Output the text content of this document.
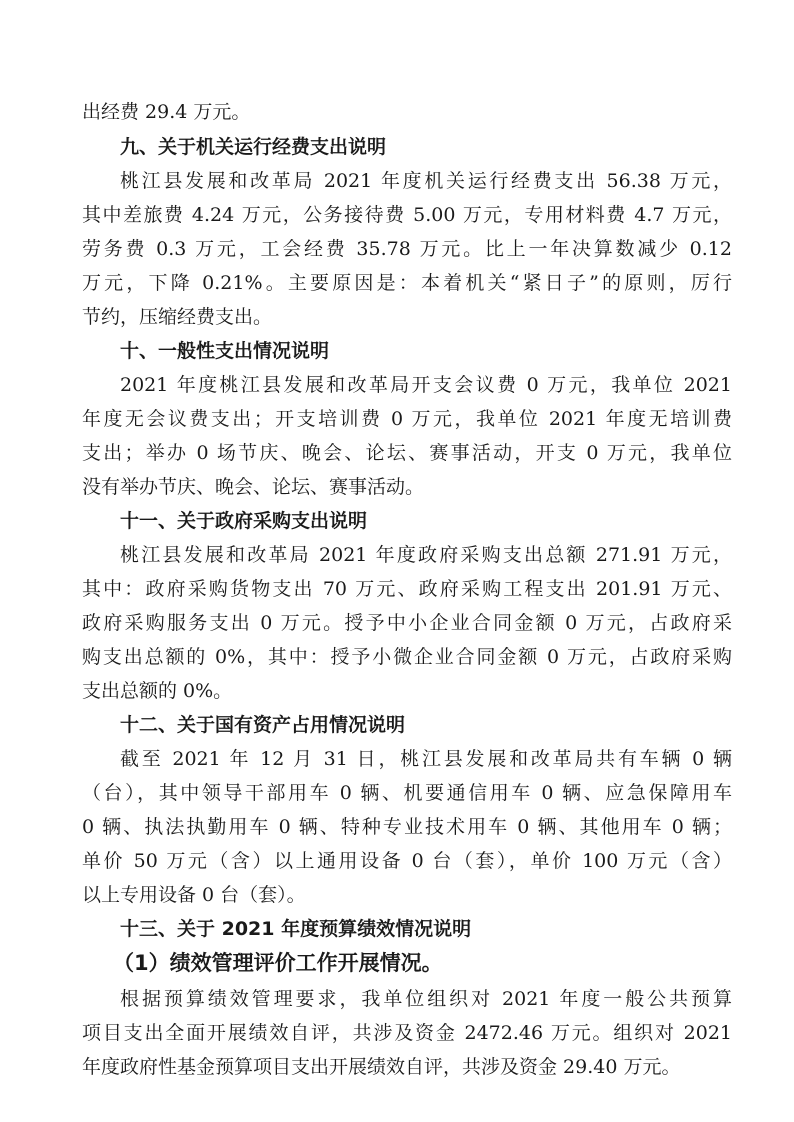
出经费 29.4 万元。
九、关于机关运行经费支出说明
桃江县发展和改革局 2021 年度机关运行经费支出 56.38 万元，
其中差旅费 4.24 万元，公务接待费 5.00 万元，专用材料费 4.7 万元，
劳务费 0.3 万元，工会经费 35.78 万元。比上一年决算数减少 0.12
万元，下降 0.21%。主要原因是：本着机关“紧日子”的原则，厉行
节约，压缩经费支出。
十、一般性支出情况说明
2021 年度桃江县发展和改革局开支会议费 0 万元，我单位 2021
年度无会议费支出；开支培训费 0 万元，我单位 2021 年度无培训费
支出；举办 0 场节庆、晚会、论坛、赛事活动，开支 0 万元，我单位
没有举办节庆、晚会、论坛、赛事活动。
十一、关于政府采购支出说明
桃江县发展和改革局 2021 年度政府采购支出总额 271.91 万元，
其中：政府采购货物支出 70 万元、政府采购工程支出 201.91 万元、
政府采购服务支出 0 万元。授予中小企业合同金额 0 万元，占政府采
购支出总额的 0%，其中：授予小微企业合同金额 0 万元，占政府采购
支出总额的 0%。
十二、关于国有资产占用情况说明
截至 2021 年 12 月 31 日，桃江县发展和改革局共有车辆 0 辆
（台），其中领导干部用车 0 辆、机要通信用车 0 辆、应急保障用车
0 辆、执法执勤用车 0 辆、特种专业技术用车 0 辆、其他用车 0 辆；
单价 50 万元（含）以上通用设备 0 台（套），单价 100 万元（含）
以上专用设备 0 台（套）。
十三、关于 2021 年度预算绩效情况说明
（1）绩效管理评价工作开展情况。
根据预算绩效管理要求，我单位组织对 2021 年度一般公共预算
项目支出全面开展绩效自评，共涉及资金 2472.46 万元。组织对 2021
年度政府性基金预算项目支出开展绩效自评，共涉及资金 29.40 万元。
